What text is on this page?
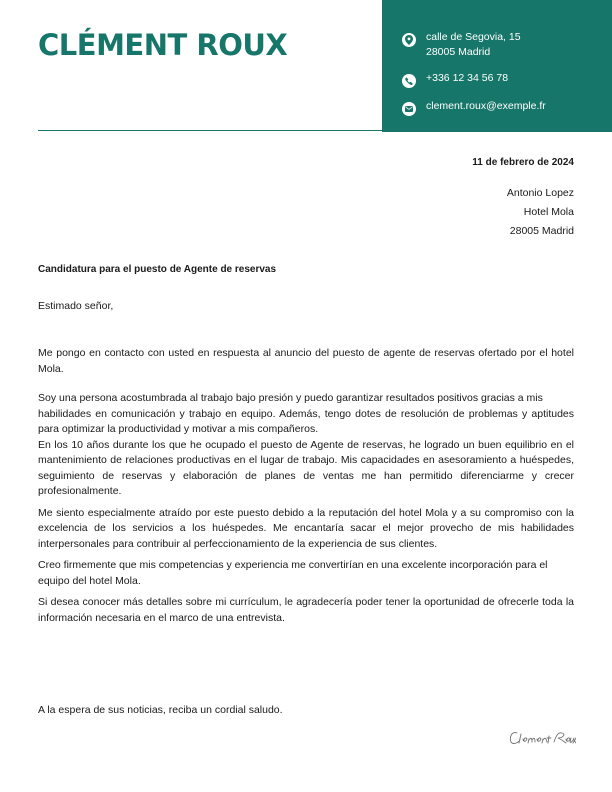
CLÉMENT ROUX	calle de Segovia, 15
28005 Madrid
+336 12 34 56 78
clement.roux@exemple.fr
11 de febrero de 2024
Antonio Lopez
Hotel Mola
28005 Madrid
Candidatura para el puesto de Agente de reservas
Estimado señor,

Me pongo en contacto con usted en respuesta al anuncio del puesto de agente de reservas ofertado por el hotel Mola.

Soy una persona acostumbrada al trabajo bajo presión y puedo garantizar resultados positivos gracias a mis

habilidades en comunicación y trabajo en equipo. Además, tengo dotes de resolución de problemas y aptitudes para optimizar la productividad y motivar a mis compañeros.

En los 10 años durante los que he ocupado el puesto de Agente de reservas, he logrado un buen equilibrio en el mantenimiento de relaciones productivas en el lugar de trabajo. Mis capacidades en asesoramiento a huéspedes, seguimiento de reservas y elaboración de planes de ventas me han permitido diferenciarme y crecer profesionalmente.

Me siento especialmente atraído por este puesto debido a la reputación del hotel Mola y a su compromiso con la excelencia de los servicios a los huéspedes. Me encantaría sacar el mejor provecho de mis habilidades interpersonales para contribuir al perfeccionamiento de la experiencia de sus clientes.

Creo firmemente que mis competencias y experiencia me convertirían en una excelente incorporación para el

equipo del hotel Mola.

Si desea conocer más detalles sobre mi currículum, le agradecería poder tener la oportunidad de ofrecerle toda la información necesaria en el marco de una entrevista.

A la espera de sus noticias, reciba un cordial saludo.
